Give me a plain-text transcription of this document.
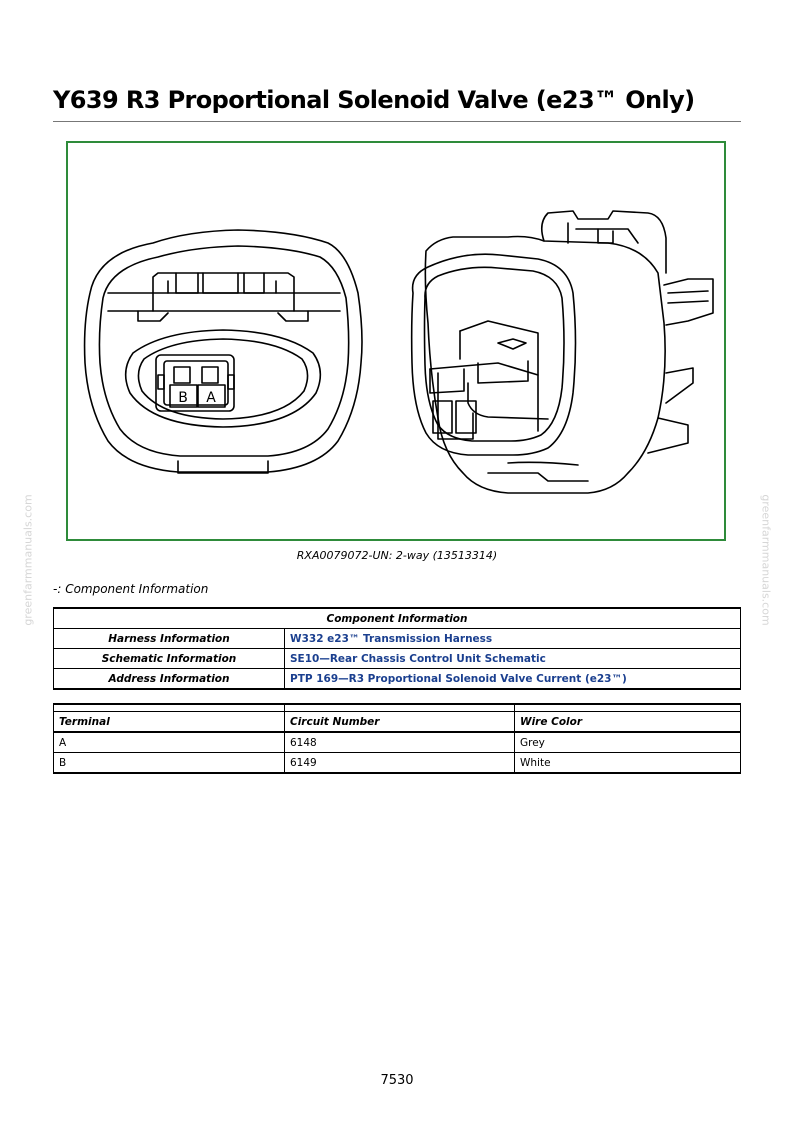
Y639 R3 Proportional Solenoid Valve (e23™ Only)
B A
RXA0079072-UN: 2-way (13513314)
-: Component Information
Component Information	
Harness Information	W332 e23™ Transmission Harness
Schematic Information	SE10—Rear Chassis Control Unit Schematic
Address Information	PTP 169—R3 Proportional Solenoid Valve Current (e23™)

Terminal	Circuit Number	Wire Color
A	6148	Grey
B	6149	White
greenfarmmanuals.com	greenfarmmanuals.com
7530
